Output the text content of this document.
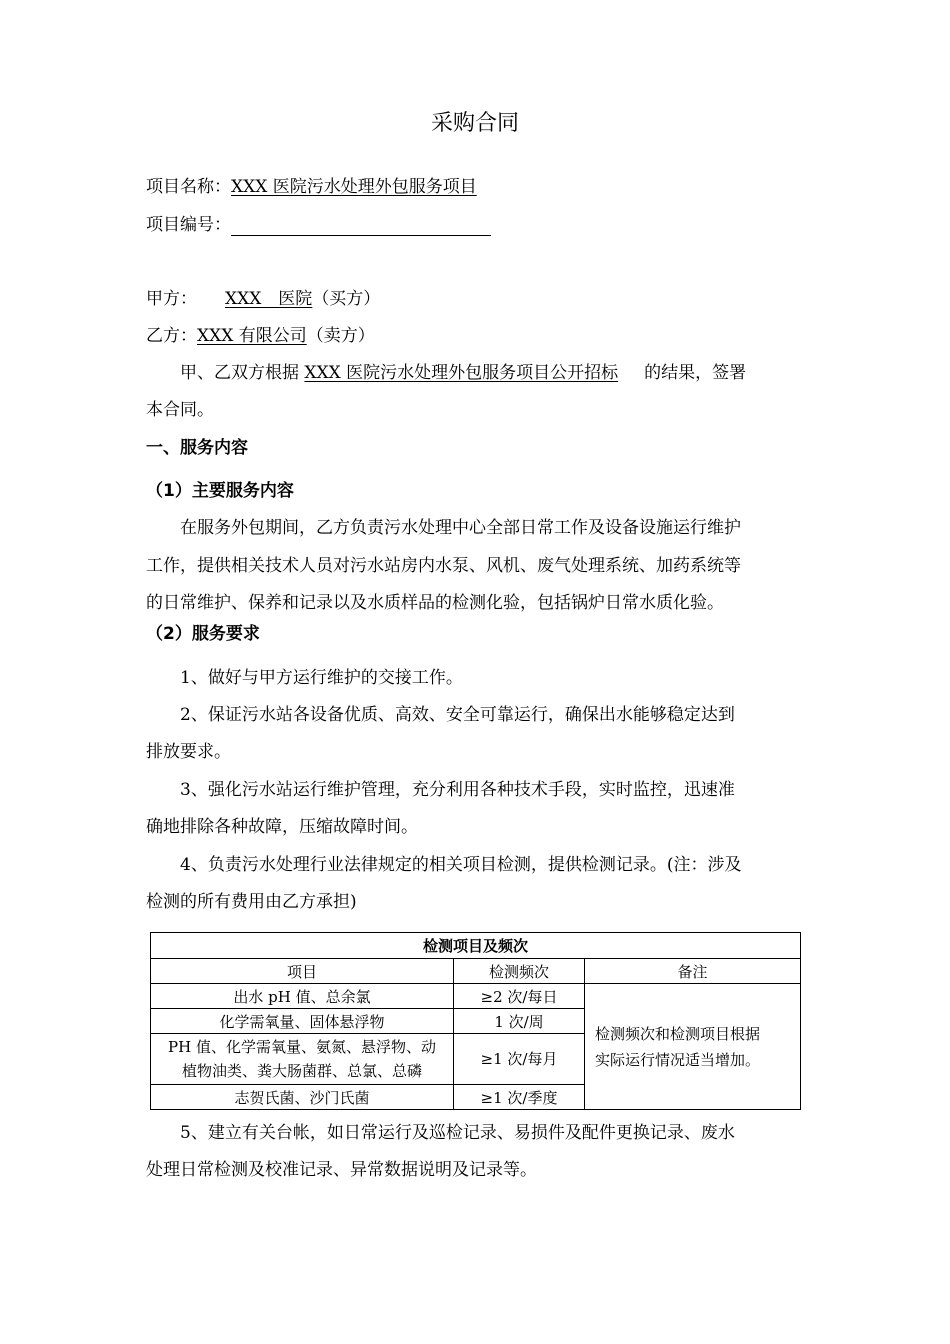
采购合同
项目名称：XXX 医院污水处理外包服务项目
项目编号：
甲方： XXX　医院（买方）
乙方：XXX 有限公司（卖方）
甲、乙双方根据 XXX 医院污水处理外包服务项目公开招标 的结果，签署
本合同。
一、服务内容
（1）主要服务内容
在服务外包期间，乙方负责污水处理中心全部日常工作及设备设施运行维护
工作，提供相关技术人员对污水站房内水泵、风机、废气处理系统、加药系统等
的日常维护、保养和记录以及水质样品的检测化验，包括锅炉日常水质化验。
（2）服务要求
1、做好与甲方运行维护的交接工作。
2、保证污水站各设备优质、高效、安全可靠运行，确保出水能够稳定达到
排放要求。
3、强化污水站运行维护管理，充分利用各种技术手段，实时监控，迅速准
确地排除各种故障，压缩故障时间。
4、负责污水处理行业法律规定的相关项目检测，提供检测记录。(注：涉及
检测的所有费用由乙方承担)
检测项目及频次		
项目	检测频次	备注
出水 pH 值、总余氯	≥2 次/每日	检测频次和检测项目根据
实际运行情况适当增加。

化学需氧量、固体悬浮物	1 次/周	

PH 值、化学需氧量、氨氮、悬浮物、动
植物油类、粪大肠菌群、总氯、总磷	≥1 次/每月	
志贺氏菌、沙门氏菌	≥1 次/季度	
5、建立有关台帐，如日常运行及巡检记录、易损件及配件更换记录、废水
处理日常检测及校准记录、异常数据说明及记录等。
